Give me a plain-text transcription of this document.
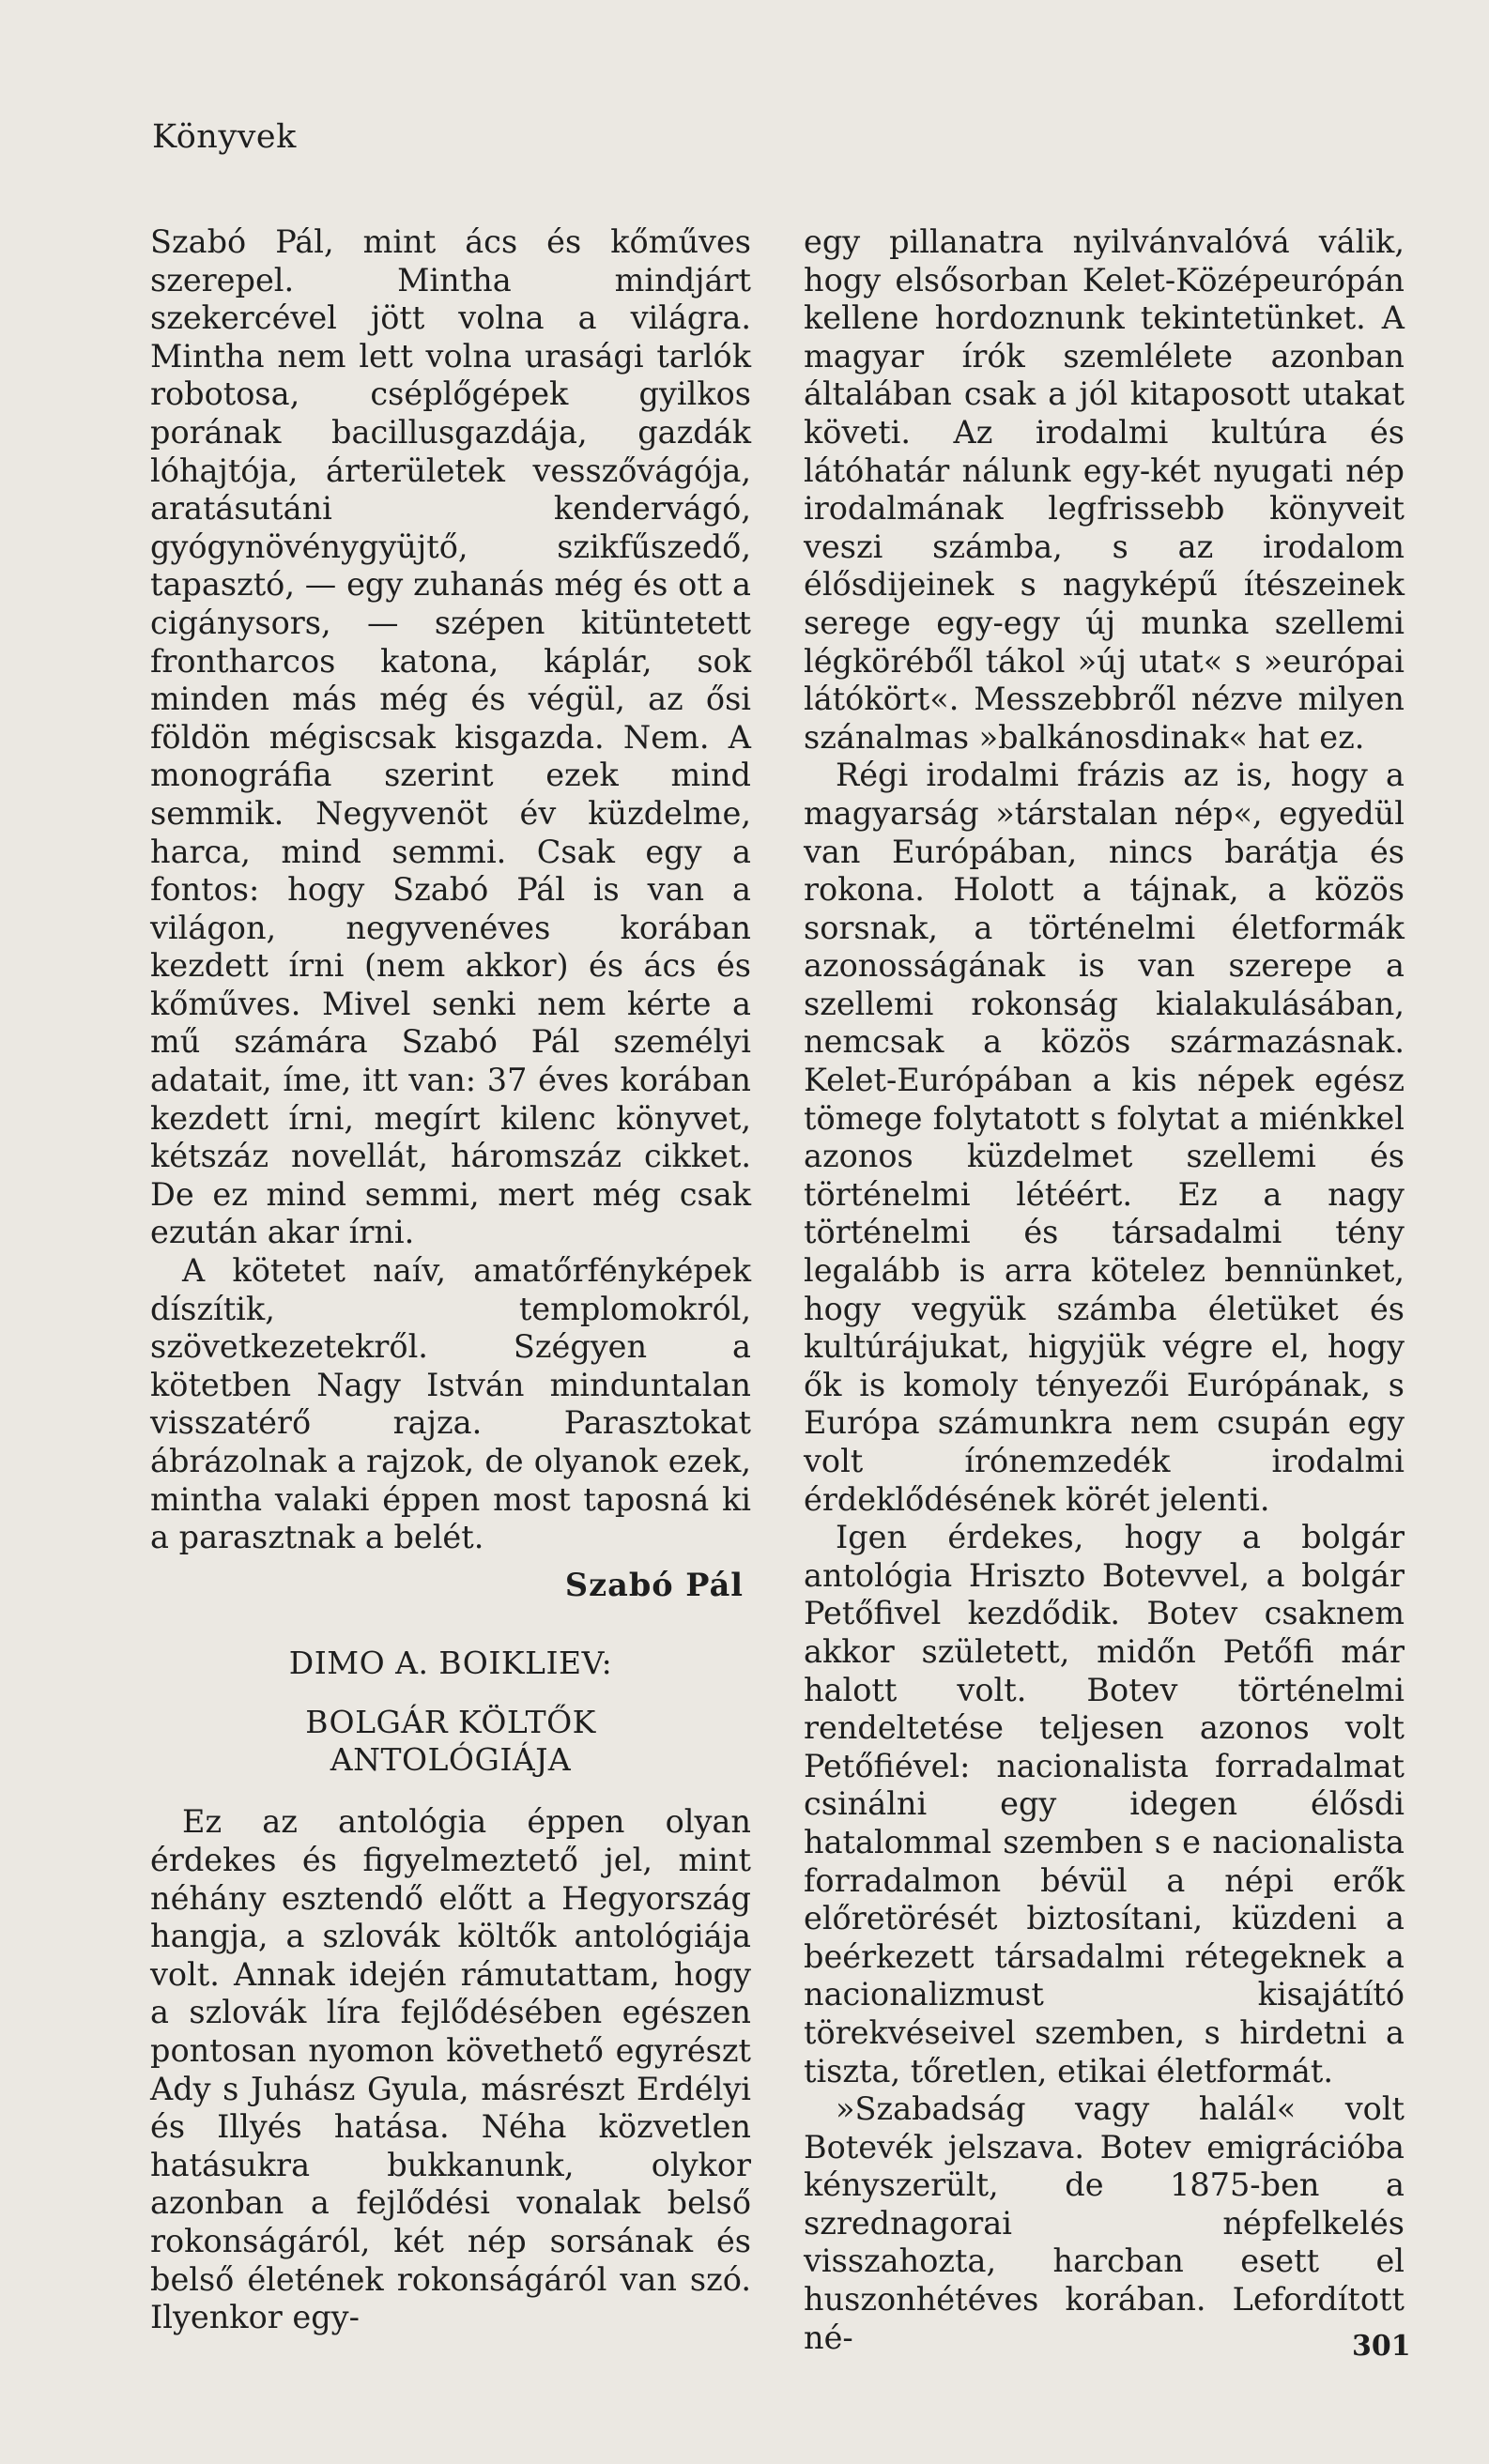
Könyvek

Szabó Pál, mint ács és kőműves szerepel. Mintha mindjárt szekercével jött volna a világra. Mintha nem lett volna urasági tarlók robotosa, cséplőgépek gyilkos porának bacillusgazdája, gazdák lóhajtója, árterületek vesszővágója, aratásutáni kendervágó, gyógynövénygyüjtő, szikfűszedő, tapasztó, — egy zuhanás még és ott a cigánysors, — szépen kitüntetett frontharcos katona, káplár, sok minden más még és végül, az ősi földön mégiscsak kisgazda. Nem. A monográfia szerint ezek mind semmik. Negyvenöt év küzdelme, harca, mind semmi. Csak egy a fontos: hogy Szabó Pál is van a világon, negyvenéves korában kezdett írni (nem akkor) és ács és kőműves. Mivel senki nem kérte a mű számára Szabó Pál személyi adatait, íme, itt van: 37 éves korában kezdett írni, megírt kilenc könyvet, kétszáz novellát, háromszáz cikket. De ez mind semmi, mert még csak ezután akar írni.

A kötetet naív, amatőrfényképek díszítik, templomokról, szövetkezetekről. Szégyen a kötetben Nagy István minduntalan visszatérő rajza. Parasztokat ábrázolnak a rajzok, de olyanok ezek, mintha valaki éppen most taposná ki a parasztnak a belét.

Szabó Pál

DIMO A. BOIKLIEV:

BOLGÁR KÖLTŐK
ANTOLÓGIÁJA

Ez az antológia éppen olyan érdekes és figyelmeztető jel, mint néhány esztendő előtt a Hegyország hangja, a szlovák költők antológiája volt. Annak idején rámutattam, hogy a szlovák líra fejlődésében egészen pontosan nyomon követhető egyrészt Ady s Juhász Gyula, másrészt Erdélyi és Illyés hatása. Néha közvetlen hatásukra bukkanunk, olykor azonban a fejlődési vonalak belső rokonságáról, két nép sorsának és belső életének rokonságáról van szó. Ilyenkor egy-

egy pillanatra nyilvánvalóvá válik, hogy elsősorban Kelet-Középeurópán kellene hordoznunk tekintetünket. A magyar írók szemlélete azonban általában csak a jól kitaposott utakat követi. Az irodalmi kultúra és látóhatár nálunk egy-két nyugati nép irodalmának legfrissebb könyveit veszi számba, s az irodalom élősdijeinek s nagyképű ítészeinek serege egy-egy új munka szellemi légköréből tákol »új utat« s »európai látókört«. Messzebbről nézve milyen szánalmas »balkánosdinak« hat ez.

Régi irodalmi frázis az is, hogy a magyarság »társtalan nép«, egyedül van Európában, nincs barátja és rokona. Holott a tájnak, a közös sorsnak, a történelmi életformák azonosságának is van szerepe a szellemi rokonság kialakulásában, nemcsak a közös származásnak. Kelet-Európában a kis népek egész tömege folytatott s folytat a miénkkel azonos küzdelmet szellemi és történelmi létéért. Ez a nagy történelmi és társadalmi tény legalább is arra kötelez bennünket, hogy vegyük számba életüket és kultúrájukat, higyjük végre el, hogy ők is komoly tényezői Európának, s Európa számunkra nem csupán egy volt írónemzedék irodalmi érdeklődésének körét jelenti.

Igen érdekes, hogy a bolgár antológia Hriszto Botevvel, a bolgár Petőfivel kezdődik. Botev csaknem akkor született, midőn Petőfi már halott volt. Botev történelmi rendeltetése teljesen azonos volt Petőfiével: nacionalista forradalmat csinálni egy idegen élősdi hatalommal szemben s e nacionalista forradalmon bévül a népi erők előretörését biztosítani, küzdeni a beérkezett társadalmi rétegeknek a nacionalizmust kisajátító törekvéseivel szemben, s hirdetni a tiszta, tőretlen, etikai életformát.

»Szabadság vagy halál« volt Botevék jelszava. Botev emigrációba kényszerült, de 1875-ben a szrednagorai népfelkelés visszahozta, harcban esett el huszonhétéves korában. Lefordított né-	301
